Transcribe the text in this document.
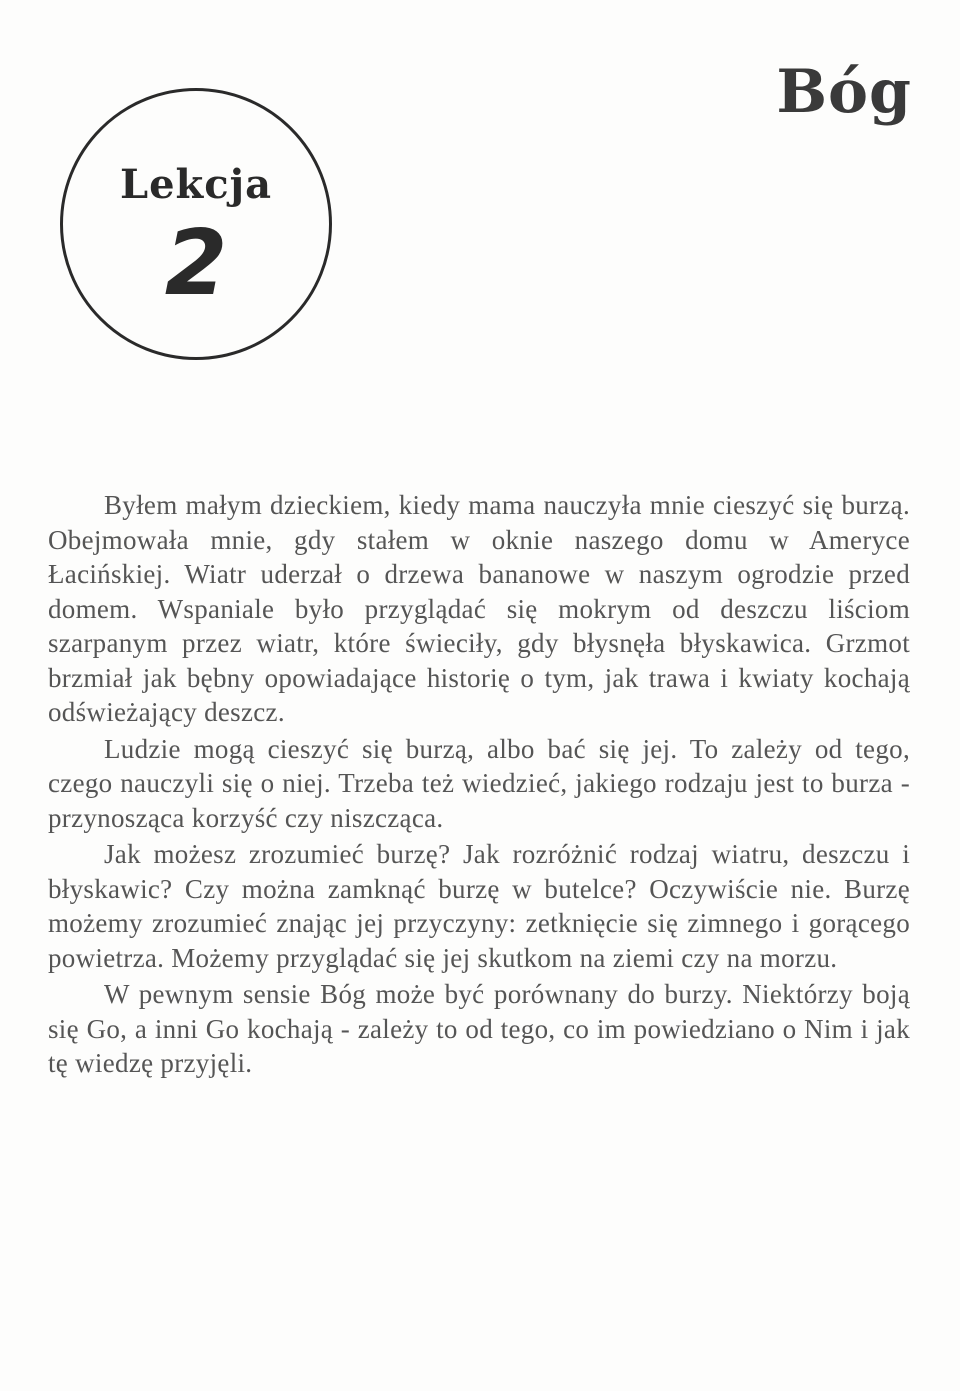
Bóg
Lekcja
2

Byłem małym dzieckiem, kiedy mama nauczyła mnie cieszyć się burzą. Obejmowała mnie, gdy stałem w oknie naszego domu w Ameryce Łacińskiej. Wiatr uderzał o drzewa bananowe w naszym ogrodzie przed domem. Wspaniale było przyglądać się mokrym od deszczu liściom szarpanym przez wiatr, które świeciły, gdy błysnęła błyskawica. Grzmot brzmiał jak bębny opowiadające historię o tym, jak trawa i kwiaty kochają odświeżający deszcz.

Ludzie mogą cieszyć się burzą, albo bać się jej. To zależy od tego, czego nauczyli się o niej. Trzeba też wiedzieć, jakiego rodzaju jest to burza - przynosząca korzyść czy niszcząca.

Jak możesz zrozumieć burzę? Jak rozróżnić rodzaj wiatru, deszczu i błyskawic? Czy można zamknąć burzę w butelce? Oczywiście nie. Burzę możemy zrozumieć znając jej przyczyny: zetknięcie się zimnego i gorącego powietrza. Możemy przyglądać się jej skutkom na ziemi czy na morzu.

W pewnym sensie Bóg może być porównany do burzy. Niektórzy boją się Go, a inni Go kochają - zależy to od tego, co im powiedziano o Nim i jak tę wiedzę przyjęli.
